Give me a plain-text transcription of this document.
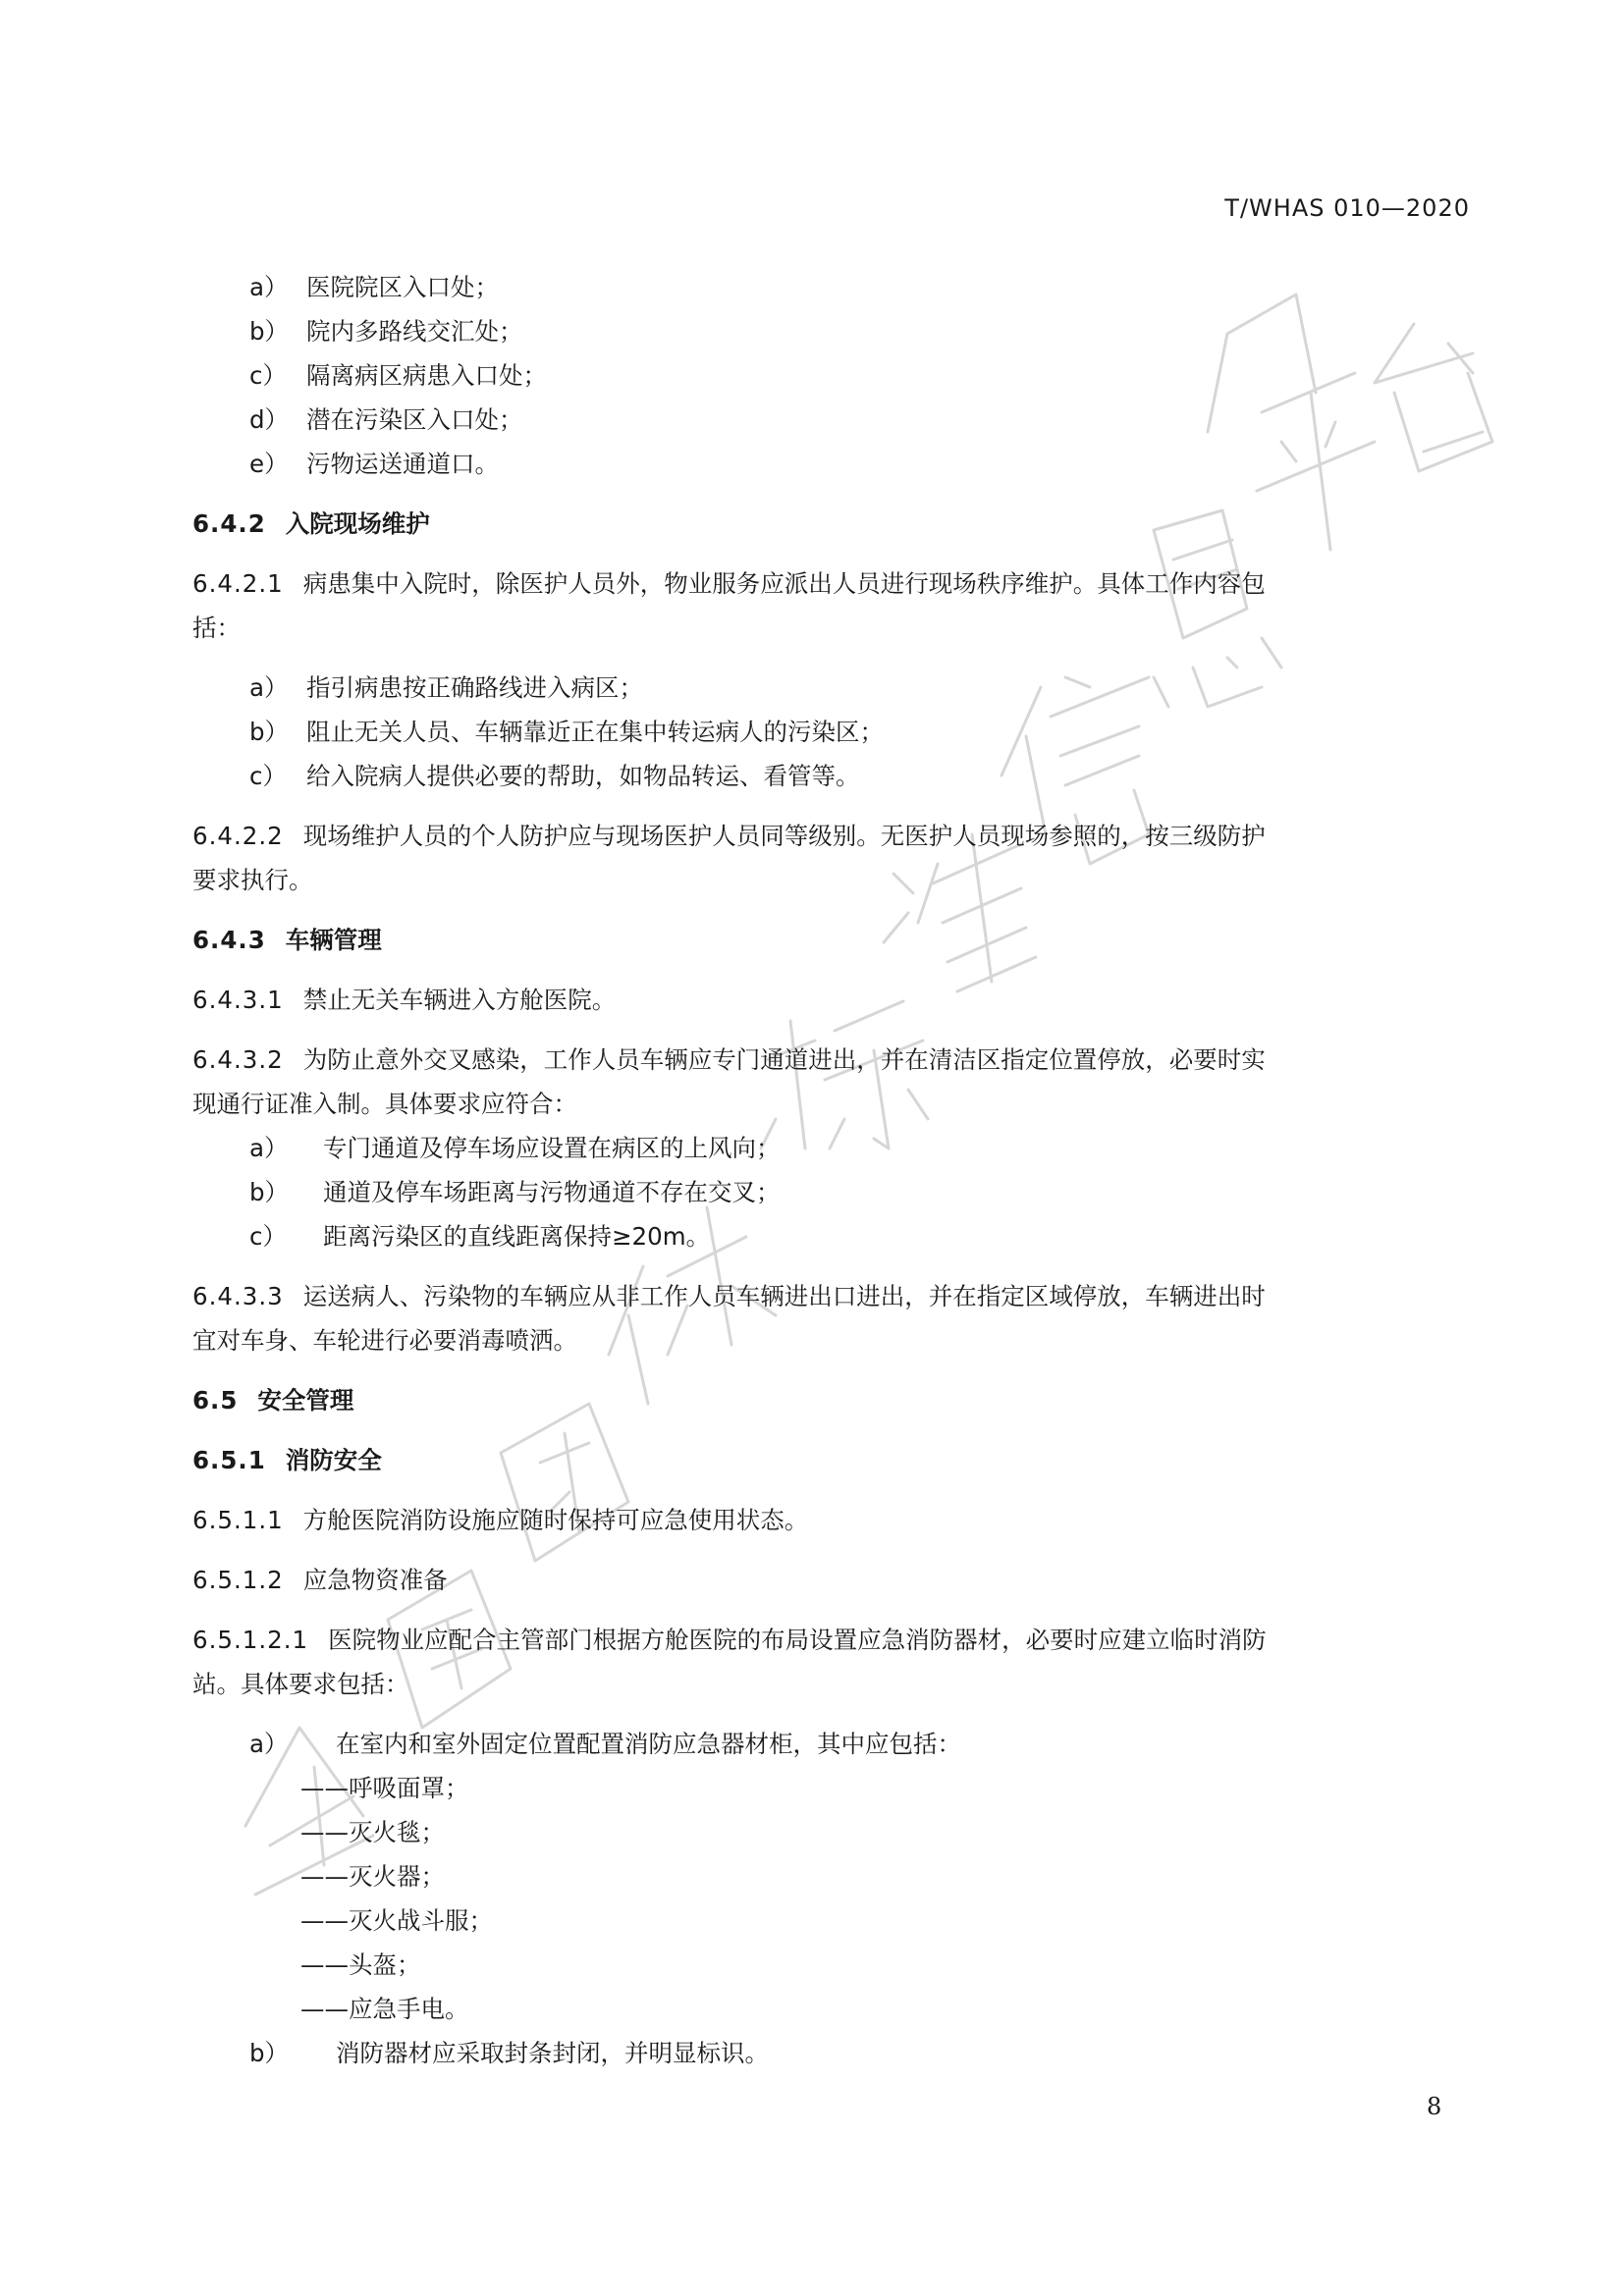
T/WHAS 010—2020
a） 医院院区入口处；
b） 院内多路线交汇处；
c） 隔离病区病患入口处；
d） 潜在污染区入口处；
e） 污物运送通道口。
6.4.2 入院现场维护
6.4.2.1 病患集中入院时，除医护人员外，物业服务应派出人员进行现场秩序维护。具体工作内容包
括：
a） 指引病患按正确路线进入病区；
b） 阻止无关人员、车辆靠近正在集中转运病人的污染区；
c） 给入院病人提供必要的帮助，如物品转运、看管等。
6.4.2.2 现场维护人员的个人防护应与现场医护人员同等级别。无医护人员现场参照的，按三级防护
要求执行。
6.4.3 车辆管理
6.4.3.1 禁止无关车辆进入方舱医院。
6.4.3.2 为防止意外交叉感染，工作人员车辆应专门通道进出，并在清洁区指定位置停放，必要时实
现通行证准入制。具体要求应符合：
a） 专门通道及停车场应设置在病区的上风向；
b） 通道及停车场距离与污物通道不存在交叉；
c） 距离污染区的直线距离保持≥20m。
6.4.3.3 运送病人、污染物的车辆应从非工作人员车辆进出口进出，并在指定区域停放，车辆进出时
宜对车身、车轮进行必要消毒喷洒。
6.5 安全管理
6.5.1 消防安全
6.5.1.1 方舱医院消防设施应随时保持可应急使用状态。
6.5.1.2 应急物资准备
6.5.1.2.1 医院物业应配合主管部门根据方舱医院的布局设置应急消防器材，必要时应建立临时消防
站。具体要求包括：
a） 在室内和室外固定位置配置消防应急器材柜，其中应包括：
——呼吸面罩；
——灭火毯；
——灭火器；
——灭火战斗服；
——头盔；
——应急手电。
b） 消防器材应采取封条封闭，并明显标识。
8
